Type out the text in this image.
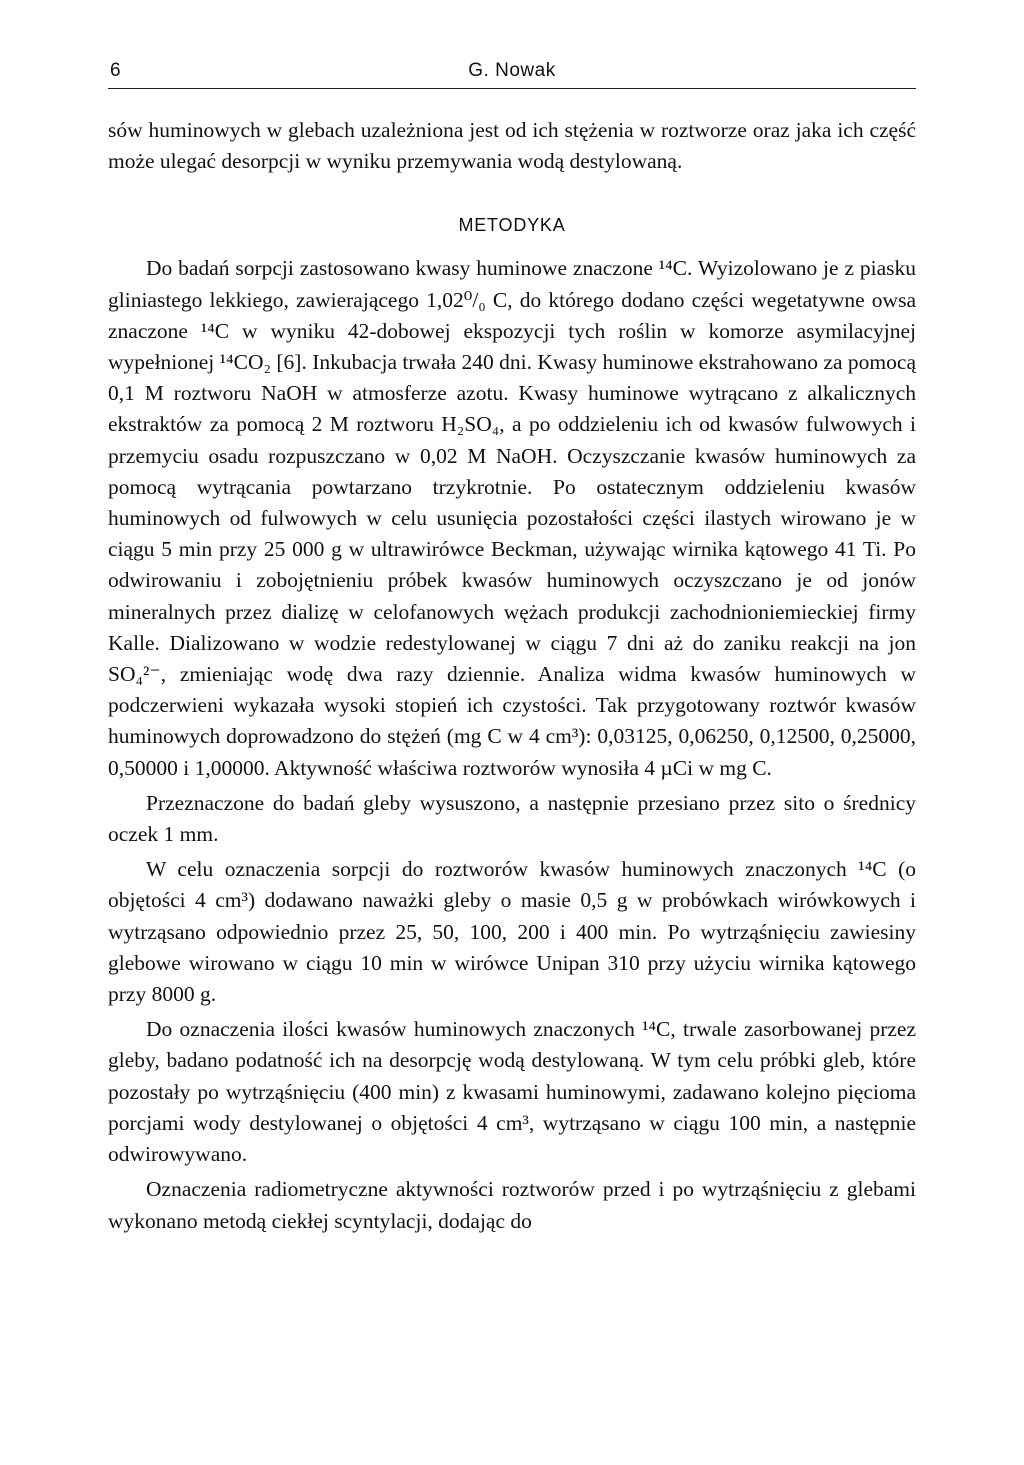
6	G. Nowak

sów huminowych w glebach uzależniona jest od ich stężenia w roztworze oraz jaka ich część może ulegać desorpcji w wyniku przemywania wodą destylowaną.

METODYKA

Do badań sorpcji zastosowano kwasy huminowe znaczone ¹⁴C. Wyizolowano je z piasku gliniastego lekkiego, zawierającego 1,02⁰/₀ C, do którego dodano części wegetatywne owsa znaczone ¹⁴C w wyniku 42-dobowej ekspozycji tych roślin w komorze asymilacyjnej wypełnionej ¹⁴CO₂ [6]. Inkubacja trwała 240 dni. Kwasy huminowe ekstrahowano za pomocą 0,1 M roztworu NaOH w atmosferze azotu. Kwasy huminowe wytrącano z alkalicznych ekstraktów za pomocą 2 M roztworu H₂SO₄, a po oddzieleniu ich od kwasów fulwowych i przemyciu osadu rozpuszczano w 0,02 M NaOH. Oczyszczanie kwasów huminowych za pomocą wytrącania powtarzano trzykrotnie. Po ostatecznym oddzieleniu kwasów huminowych od fulwowych w celu usunięcia pozostałości części ilastych wirowano je w ciągu 5 min przy 25 000 g w ultrawirówce Beckman, używając wirnika kątowego 41 Ti. Po odwirowaniu i zobojętnieniu próbek kwasów huminowych oczyszczano je od jonów mineralnych przez dializę w celofanowych wężach produkcji zachodnioniemieckiej firmy Kalle. Dializowano w wodzie redestylowanej w ciągu 7 dni aż do zaniku reakcji na jon SO₄²⁻, zmieniając wodę dwa razy dziennie. Analiza widma kwasów huminowych w podczerwieni wykazała wysoki stopień ich czystości. Tak przygotowany roztwór kwasów huminowych doprowadzono do stężeń (mg C w 4 cm³): 0,03125, 0,06250, 0,12500, 0,25000, 0,50000 i 1,00000. Aktywność właściwa roztworów wynosiła 4 µCi w mg C.

Przeznaczone do badań gleby wysuszono, a następnie przesiano przez sito o średnicy oczek 1 mm.

W celu oznaczenia sorpcji do roztworów kwasów huminowych znaczonych ¹⁴C (o objętości 4 cm³) dodawano naważki gleby o masie 0,5 g w probówkach wirówkowych i wytrząsano odpowiednio przez 25, 50, 100, 200 i 400 min. Po wytrząśnięciu zawiesiny glebowe wirowano w ciągu 10 min w wirówce Unipan 310 przy użyciu wirnika kątowego przy 8000 g.

Do oznaczenia ilości kwasów huminowych znaczonych ¹⁴C, trwale zasorbowanej przez gleby, badano podatność ich na desorpcję wodą destylowaną. W tym celu próbki gleb, które pozostały po wytrząśnięciu (400 min) z kwasami huminowymi, zadawano kolejno pięcioma porcjami wody destylowanej o objętości 4 cm³, wytrząsano w ciągu 100 min, a następnie odwirowywano.

Oznaczenia radiometryczne aktywności roztworów przed i po wytrząśnięciu z glebami wykonano metodą ciekłej scyntylacji, dodając do
